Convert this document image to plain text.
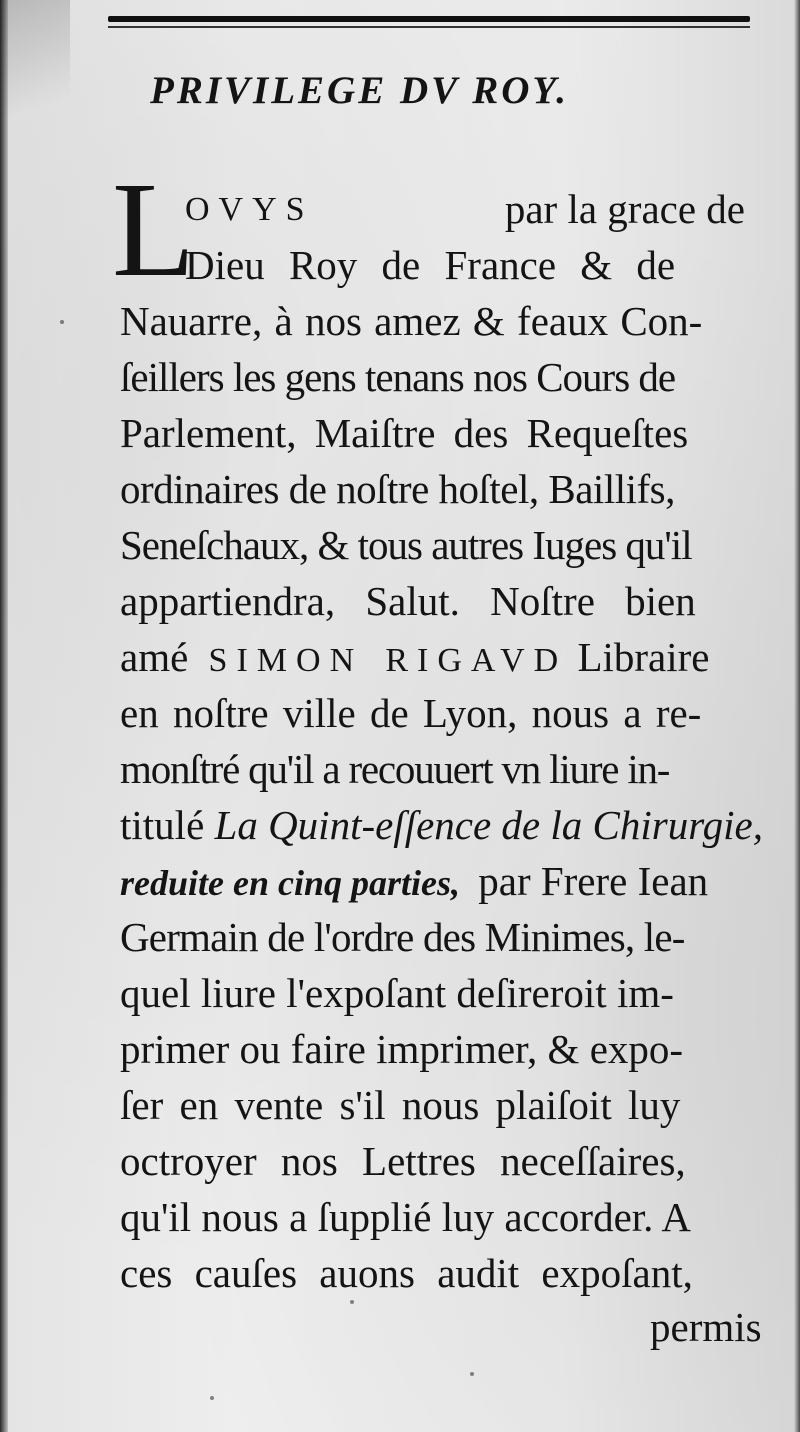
PRIVILEGE DV ROY.
L
OVYS	par la grace de
Dieu Roy de France & de
Nauarre, à nos amez & feaux Con-
ſeillers les gens tenans nos Cours de
Parlement, Maiſtre des Requeſtes
ordinaires de noſtre hoſtel, Baillifs,
Seneſchaux, & tous autres Iuges qu'il
appartiendra, Salut. Noſtre bien
amé SIMON RIGAVD Libraire
en noſtre ville de Lyon, nous a re-
monſtré qu'il a recouuert vn liure in-
titulé La Quint-eſſence de la Chirurgie,
reduite en cinq parties, par Frere Iean
Germain de l'ordre des Minimes, le-
quel liure l'expoſant deſireroit im-
primer ou faire imprimer, & expo-
ſer en vente s'il nous plaiſoit luy
octroyer nos Lettres neceſſaires,
qu'il nous a ſupplié luy accorder. A
ces cauſes auons audit expoſant,
permis
